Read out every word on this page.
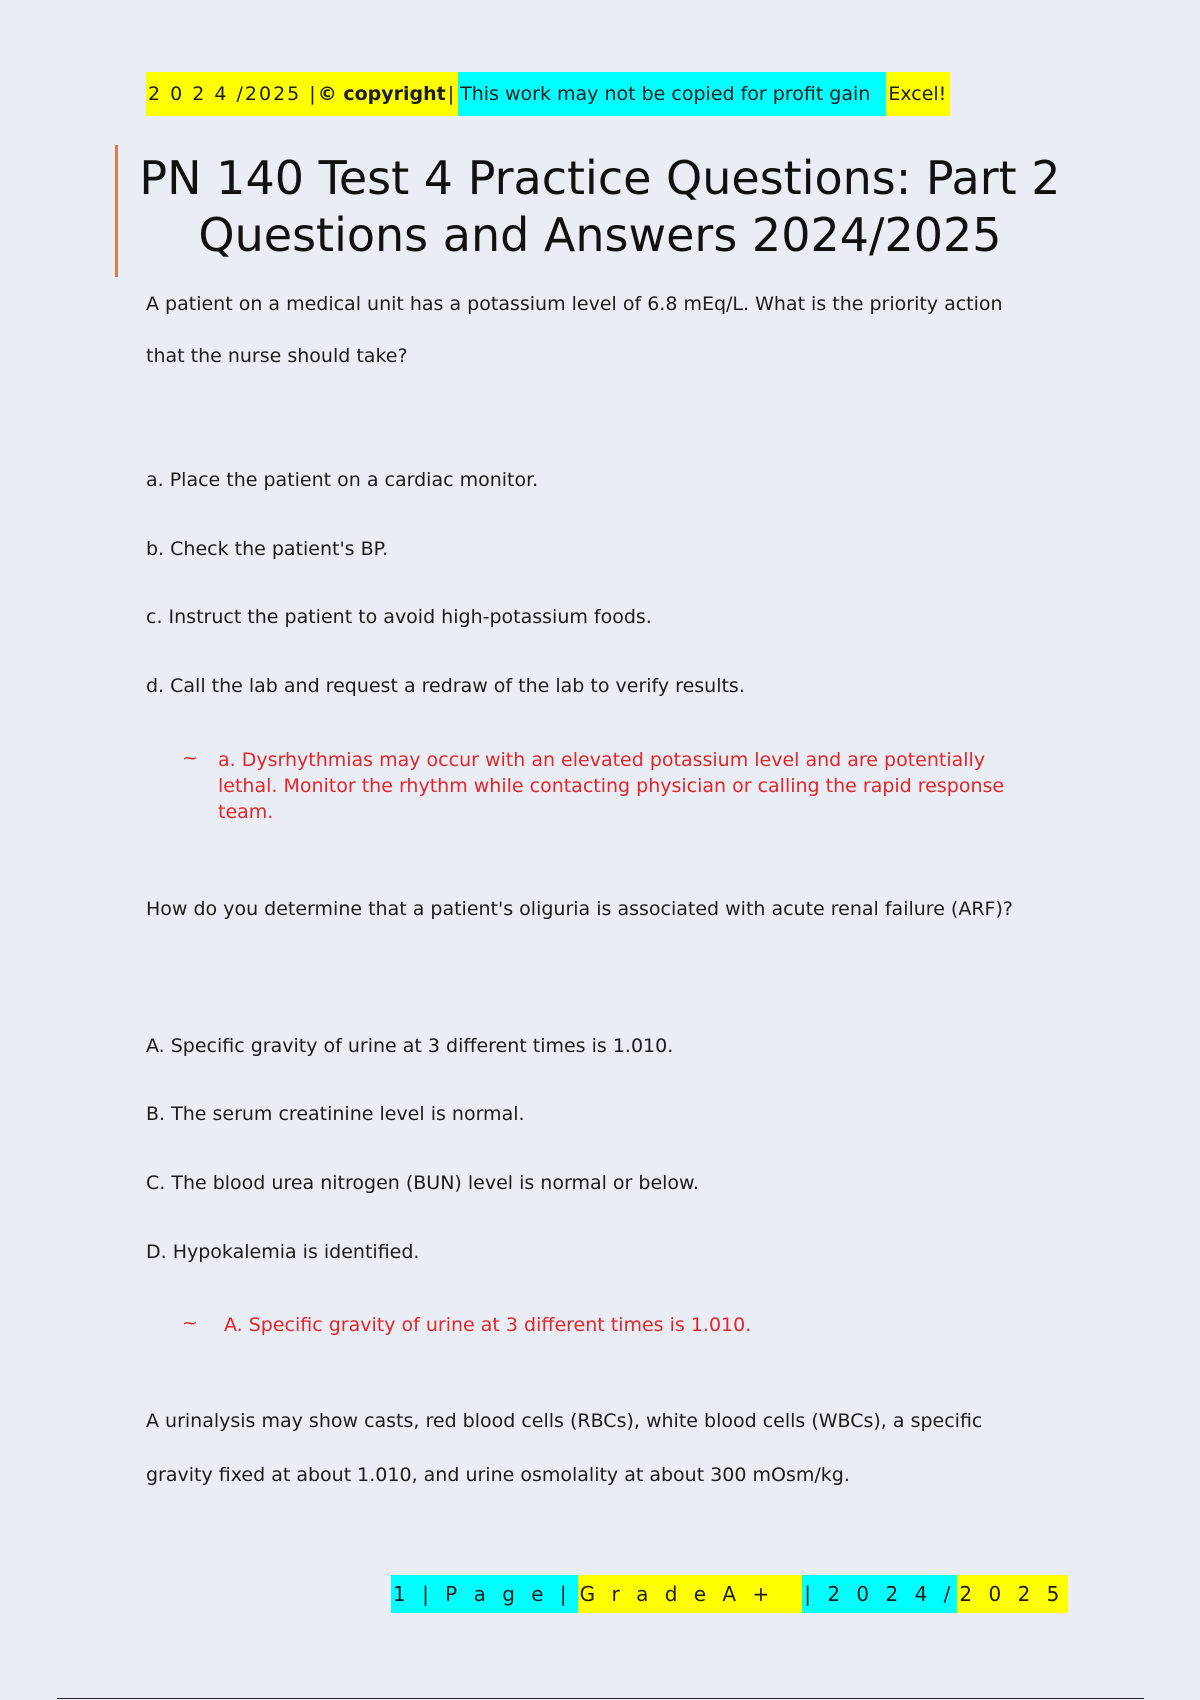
2 0 2 4 /2025 | © copyright | This work may not be copied for profit gain Excel!
PN 140 Test 4 Practice Questions: Part 2 Questions and Answers 2024/2025

A patient on a medical unit has a potassium level of 6.8 mEq/L. What is the priority action that the nurse should take?

a. Place the patient on a cardiac monitor.

b. Check the patient's BP.

c. Instruct the patient to avoid high-potassium foods.

d. Call the lab and request a redraw of the lab to verify results.

~ a. Dysrhythmias may occur with an elevated potassium level and are potentially lethal. Monitor the rhythm while contacting physician or calling the rapid response team.

How do you determine that a patient's oliguria is associated with acute renal failure (ARF)?

A. Specific gravity of urine at 3 different times is 1.010.

B. The serum creatinine level is normal.

C. The blood urea nitrogen (BUN) level is normal or below.

D. Hypokalemia is identified.

~ A. Specific gravity of urine at 3 different times is 1.010.

A urinalysis may show casts, red blood cells (RBCs), white blood cells (WBCs), a specific gravity fixed at about 1.010, and urine osmolality at about 300 mOsm/kg.

1 | P a g e | G r a d e A +	| 2 0 2 4 / 2 0 2 5
